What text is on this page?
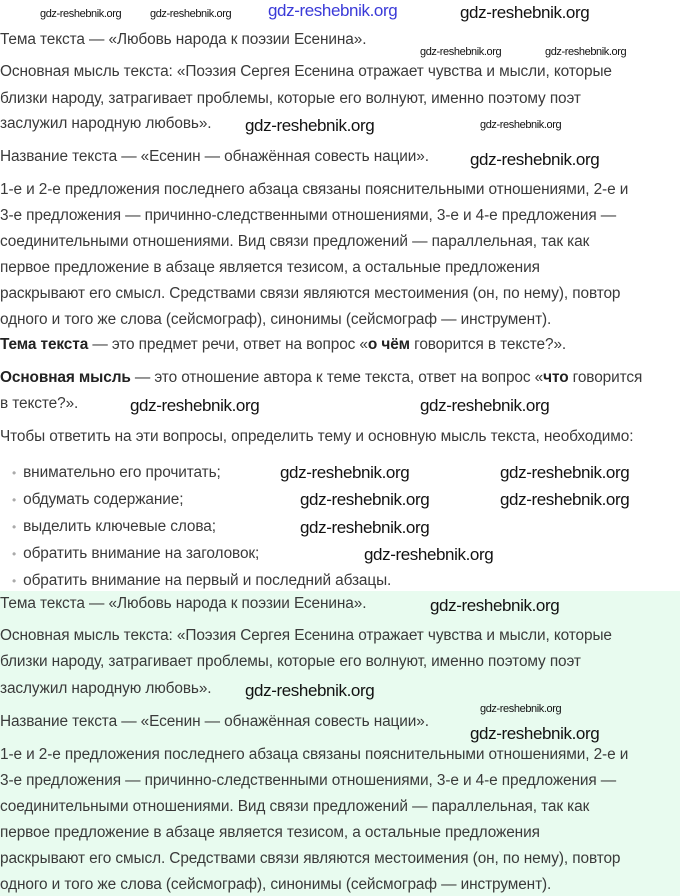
gdz-reshebnik.org
Тема текста — «Любовь народа к поэзии Есенина».
Основная мысль текста: «Поэзия Сергея Есенина отражает чувства и мысли, которые
близки народу, затрагивает проблемы, которые его волнуют, именно поэтому поэт
заслужил народную любовь».
Название текста — «Есенин — обнажённая совесть нации».
1-е и 2-е предложения последнего абзаца связаны пояснительными отношениями, 2-е и
3-е предложения — причинно-следственными отношениями, 3-е и 4-е предложения —
соединительными отношениями. Вид связи предложений — параллельная, так как
первое предложение в абзаце является тезисом, а остальные предложения
раскрывают его смысл. Средствами связи являются местоимения (он, по нему), повтор
одного и того же слова (сейсмограф), синонимы (сейсмограф — инструмент).
Тема текста — это предмет речи, ответ на вопрос «о чём говорится в тексте?».
Основная мысль — это отношение автора к теме текста, ответ на вопрос «что говорится
в тексте?».
Чтобы ответить на эти вопросы, определить тему и основную мысль текста, необходимо:
• внимательно его прочитать;
• обдумать содержание;
• выделить ключевые слова;
• обратить внимание на заголовок;
• обратить внимание на первый и последний абзацы.
Тема текста — «Любовь народа к поэзии Есенина».
Основная мысль текста: «Поэзия Сергея Есенина отражает чувства и мысли, которые
близки народу, затрагивает проблемы, которые его волнуют, именно поэтому поэт
заслужил народную любовь».
Название текста — «Есенин — обнажённая совесть нации».
1-е и 2-е предложения последнего абзаца связаны пояснительными отношениями, 2-е и
3-е предложения — причинно-следственными отношениями, 3-е и 4-е предложения —
соединительными отношениями. Вид связи предложений — параллельная, так как
первое предложение в абзаце является тезисом, а остальные предложения
раскрывают его смысл. Средствами связи являются местоимения (он, по нему), повтор
одного и того же слова (сейсмограф), синонимы (сейсмограф — инструмент).
gdz-reshebnik.org	gdz-reshebnik.org	gdz-reshebnik.org
gdz-reshebnik.org	gdz-reshebnik.org
gdz-reshebnik.org	gdz-reshebnik.org
gdz-reshebnik.org
gdz-reshebnik.org	gdz-reshebnik.org
gdz-reshebnik.org	gdz-reshebnik.org
gdz-reshebnik.org
gdz-reshebnik.org	gdz-reshebnik.org
gdz-reshebnik.org
gdz-reshebnik.org
gdz-reshebnik.org
gdz-reshebnik.org
gdz-reshebnik.org
